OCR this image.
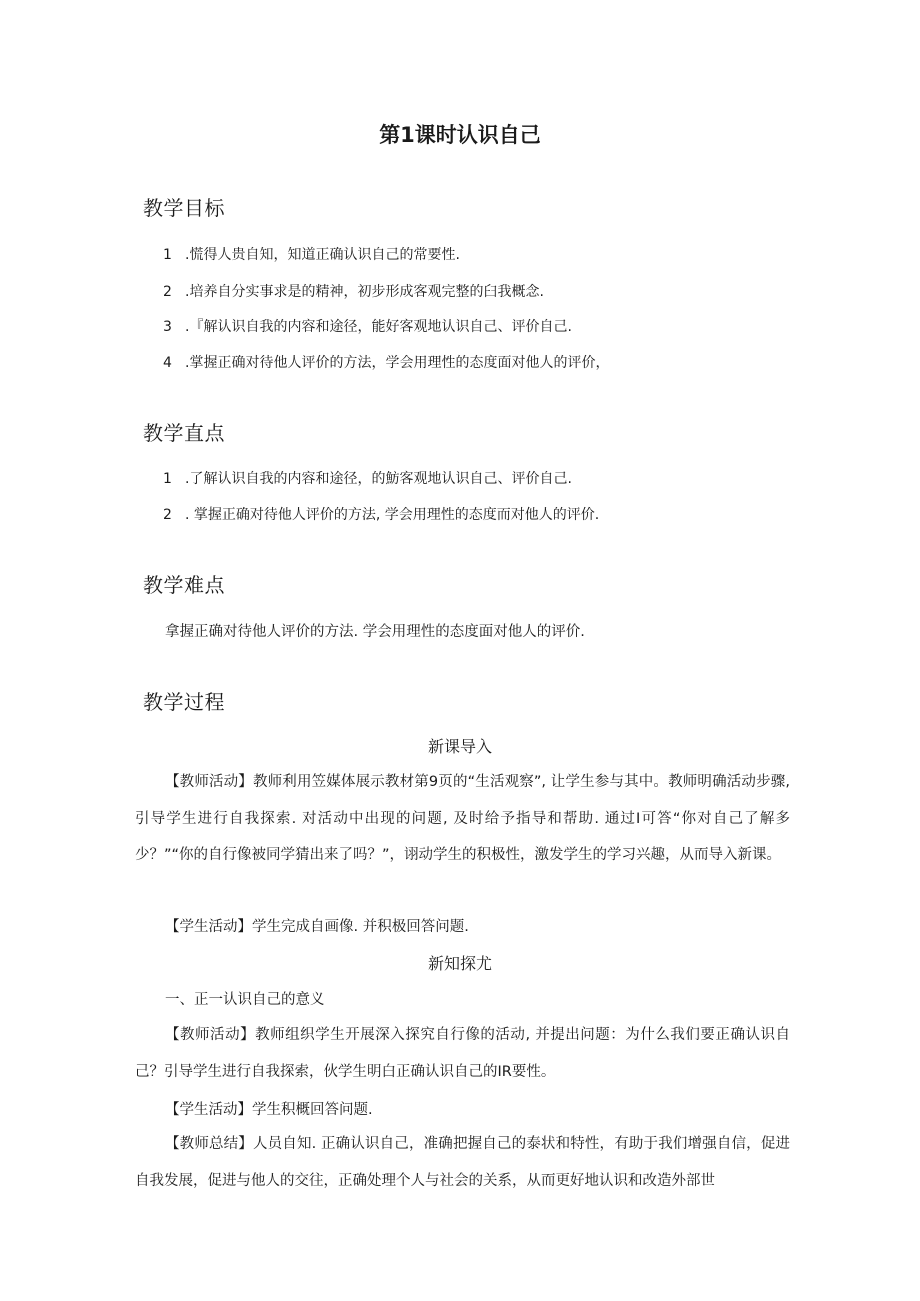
第1课时认识自己
教学目标
1 .慌得人贵自知，知道正确认识自己的常要性.
2 .培养自分实事求是的精神，初步形成客观完整的臼我概念.
3 .『解认识自我的内容和途径，能好客观地认识自己、评价自己.
4 .掌握正确对待他人评价的方法，学会用理性的态度面对他人的评价，
教学直点
1 .了解认识自我的内容和途径，的魴客观地认识自己、评价自己.
2 . 掌握正确对待他人评价的方法, 学会用理性的态度而对他人的评价.
教学难点
拿握正确对待他人评价的方法. 学会用理性的态度面对他人的评价.
教学过程
新课导入
【教师活动】教师利用笠媒体展示教材第9页的“生活观察”, 让学生参与其中。教师明确活动步骤, 引导学生进行自我探索. 对活动中出现的问题, 及时给予指导和帮助. 通过I可答“你对自己了解多少？”“你的自行像被同学猜出来了吗？”，诩动学生的积极性，激发学生的学习兴趣，从而导入新课。
【学生活动】学生完成自画像. 并积极回答问题.
新知探尤
一、正一认识自己的意义
【教师活动】教师组织学生开展深入探究自行像的活动, 并提出问题：为什么我们要正确认识自己？引导学生进行自我探索，伙学生明白正确认识自己的IR要性。
【学生活动】学生积概回答问题.
【教师总结】人员自知. 正确认识自己，准确把握自己的泰状和特性，有助于我们增强自信，促进自我发展，促进与他人的交往，正确处理个人与社会的关系，从而更好地认识和改造外部世
